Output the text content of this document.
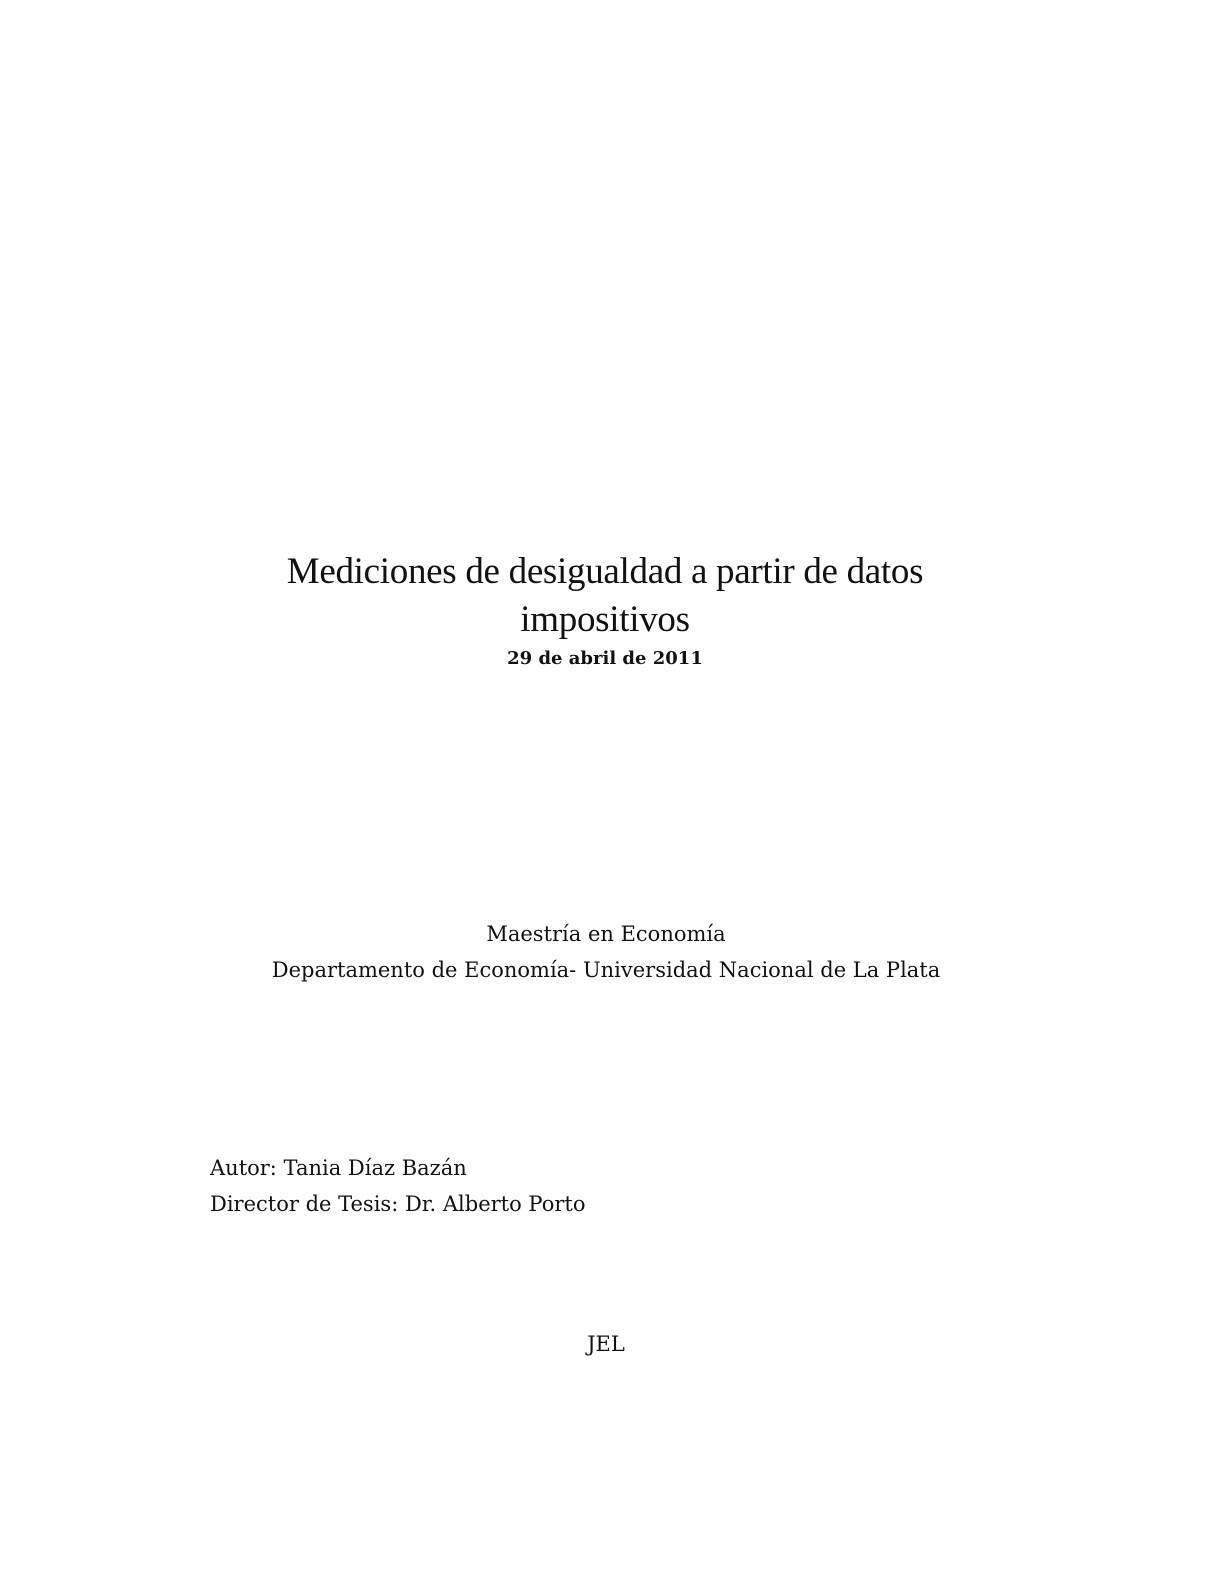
Mediciones de desigualdad a partir de datos
impositivos
29 de abril de 2011
Maestría en Economía
Departamento de Economía- Universidad Nacional de La Plata
Autor: Tania Díaz Bazán
Director de Tesis: Dr. Alberto Porto
JEL
